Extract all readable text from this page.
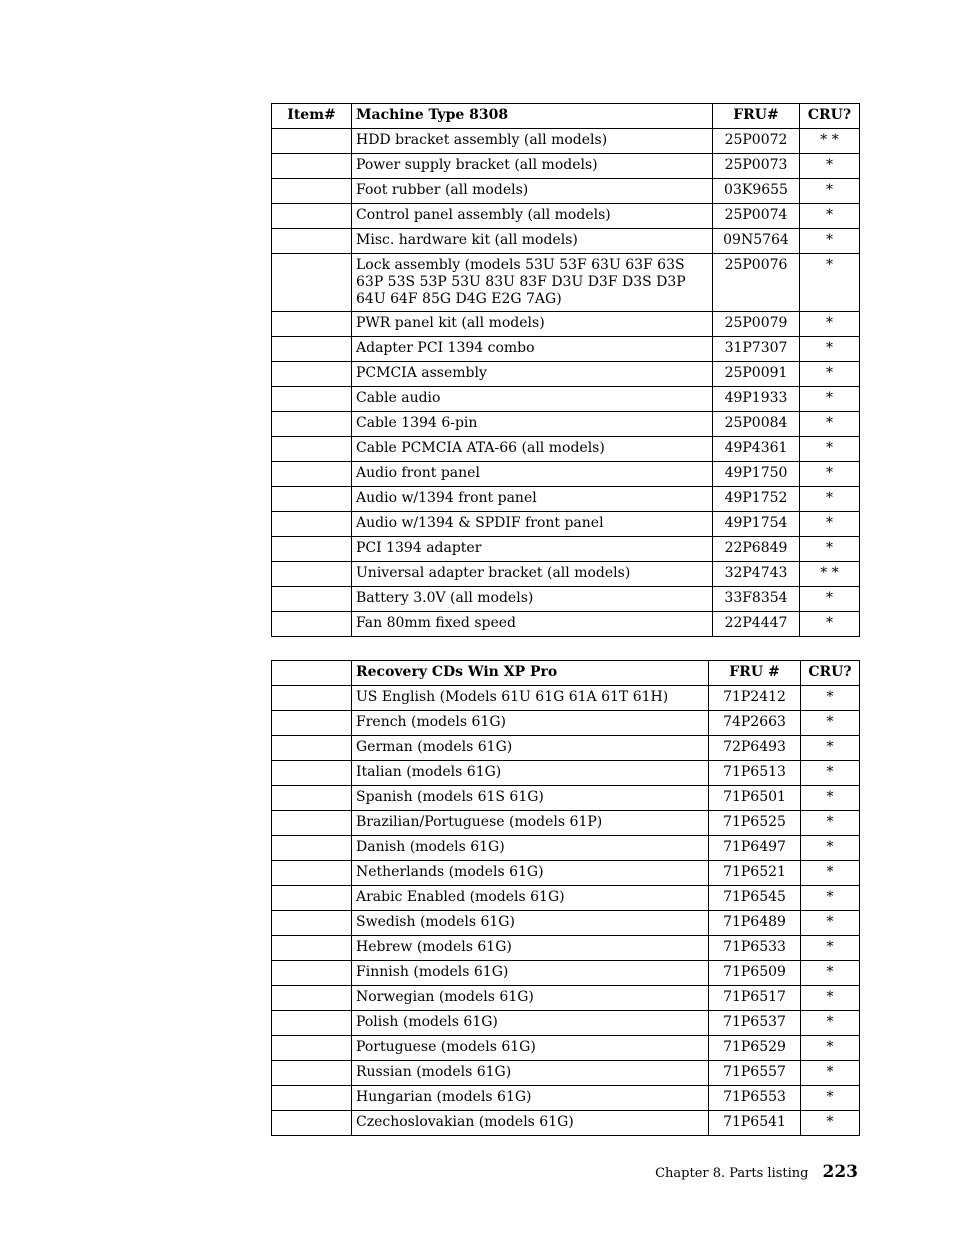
Item#	Machine Type 8308	FRU#	CRU?
	HDD bracket assembly (all models)	25P0072	* *
	Power supply bracket (all models)	25P0073	*
	Foot rubber (all models)	03K9655	*
	Control panel assembly (all models)	25P0074	*
	Misc. hardware kit (all models)	09N5764	*
	Lock assembly (models 53U 53F 63U 63F 63S 63P 53S 53P 53U 83U 83F D3U D3F D3S D3P 64U 64F 85G D4G E2G 7AG)	25P0076	*
	PWR panel kit (all models)	25P0079	*
	Adapter PCI 1394 combo	31P7307	*
	PCMCIA assembly	25P0091	*
	Cable audio	49P1933	*
	Cable 1394 6-pin	25P0084	*
	Cable PCMCIA ATA-66 (all models)	49P4361	*
	Audio front panel	49P1750	*
	Audio w/1394 front panel	49P1752	*
	Audio w/1394 & SPDIF front panel	49P1754	*
	PCI 1394 adapter	22P6849	*
	Universal adapter bracket (all models)	32P4743	* *
	Battery 3.0V (all models)	33F8354	*
	Fan 80mm fixed speed	22P4447	*
	Recovery CDs Win XP Pro	FRU #	CRU?
	US English (Models 61U 61G 61A 61T 61H)	71P2412	*
	French (models 61G)	74P2663	*
	German (models 61G)	72P6493	*
	Italian (models 61G)	71P6513	*
	Spanish (models 61S 61G)	71P6501	*
	Brazilian/Portuguese (models 61P)	71P6525	*
	Danish (models 61G)	71P6497	*
	Netherlands (models 61G)	71P6521	*
	Arabic Enabled (models 61G)	71P6545	*
	Swedish (models 61G)	71P6489	*
	Hebrew (models 61G)	71P6533	*
	Finnish (models 61G)	71P6509	*
	Norwegian (models 61G)	71P6517	*
	Polish (models 61G)	71P6537	*
	Portuguese (models 61G)	71P6529	*
	Russian (models 61G)	71P6557	*
	Hungarian (models 61G)	71P6553	*
	Czechoslovakian (models 61G)	71P6541	*
Chapter 8. Parts listing 223
